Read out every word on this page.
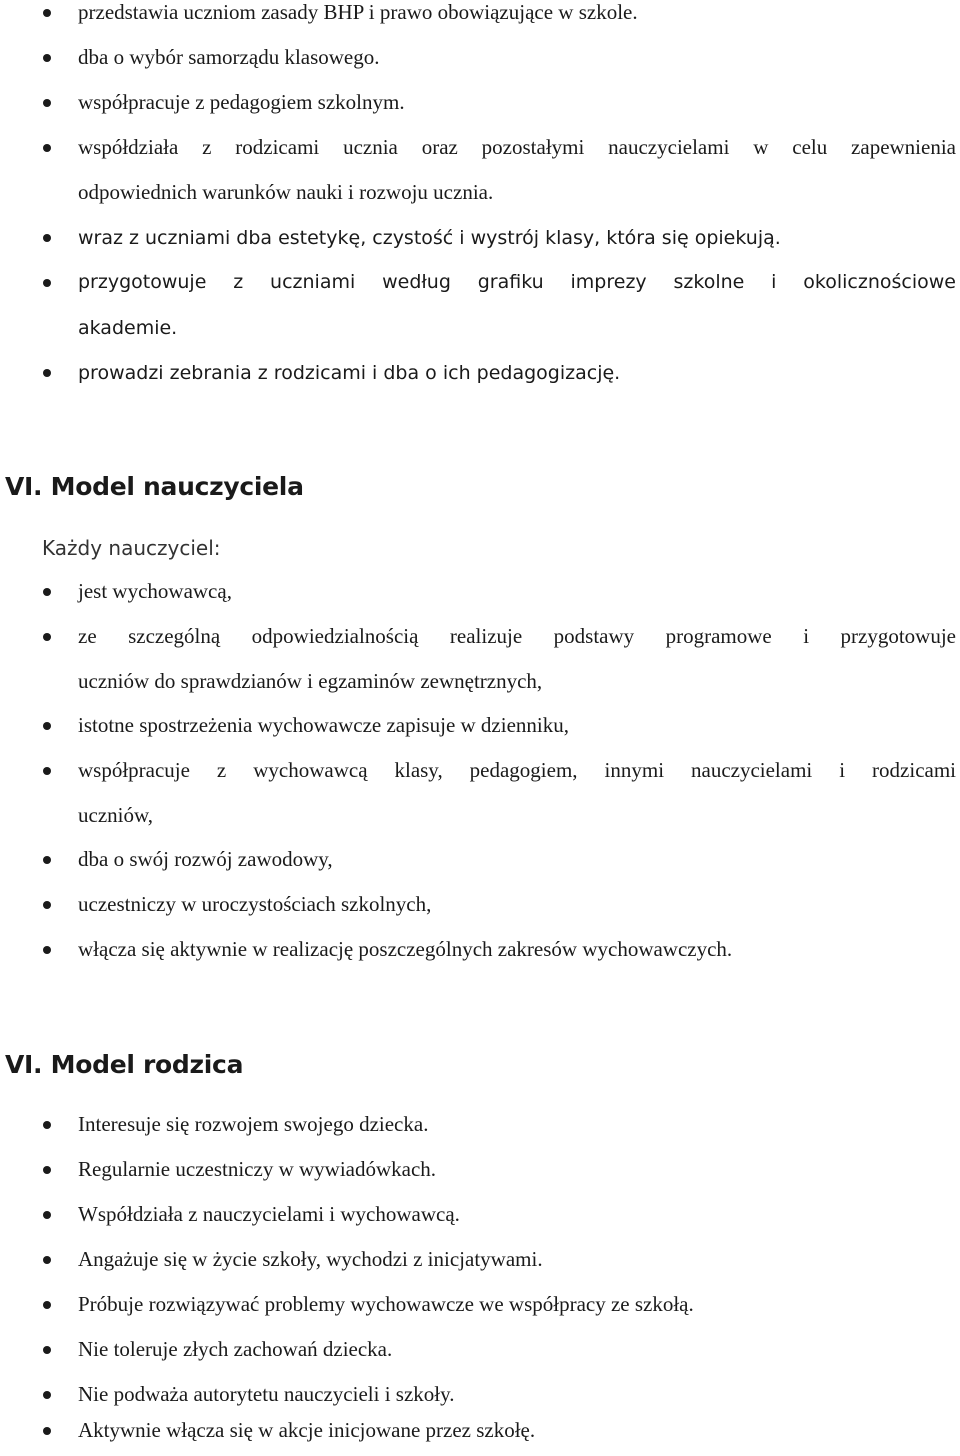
przedstawia uczniom zasady BHP i prawo obowiązujące w szkole.
dba o wybór samorządu klasowego.
współpracuje z pedagogiem szkolnym.
współdziała z rodzicami ucznia oraz pozostałymi nauczycielami w celu zapewnienia
odpowiednich warunków nauki i rozwoju ucznia.
wraz z uczniami dba estetykę, czystość i wystrój klasy, która się opiekują.
przygotowuje z uczniami według grafiku imprezy szkolne i okolicznościowe
akademie.
prowadzi zebrania z rodzicami i dba o ich pedagogizację.
VI. Model nauczyciela
Każdy nauczyciel:
jest wychowawcą,
ze szczególną odpowiedzialnością realizuje podstawy programowe i przygotowuje
uczniów do sprawdzianów i egzaminów zewnętrznych,
istotne spostrzeżenia wychowawcze zapisuje w dzienniku,
współpracuje z wychowawcą klasy, pedagogiem, innymi nauczycielami i rodzicami
uczniów,
dba o swój rozwój zawodowy,
uczestniczy w uroczystościach szkolnych,
włącza się aktywnie w realizację poszczególnych zakresów wychowawczych.
VI. Model rodzica
Interesuje się rozwojem swojego dziecka.
Regularnie uczestniczy w wywiadówkach.
Współdziała z nauczycielami i wychowawcą.
Angażuje się w życie szkoły, wychodzi z inicjatywami.
Próbuje rozwiązywać problemy wychowawcze we współpracy ze szkołą.
Nie toleruje złych zachowań dziecka.
Nie podważa autorytetu nauczycieli i szkoły.
Aktywnie włącza się w akcje inicjowane przez szkołę.
